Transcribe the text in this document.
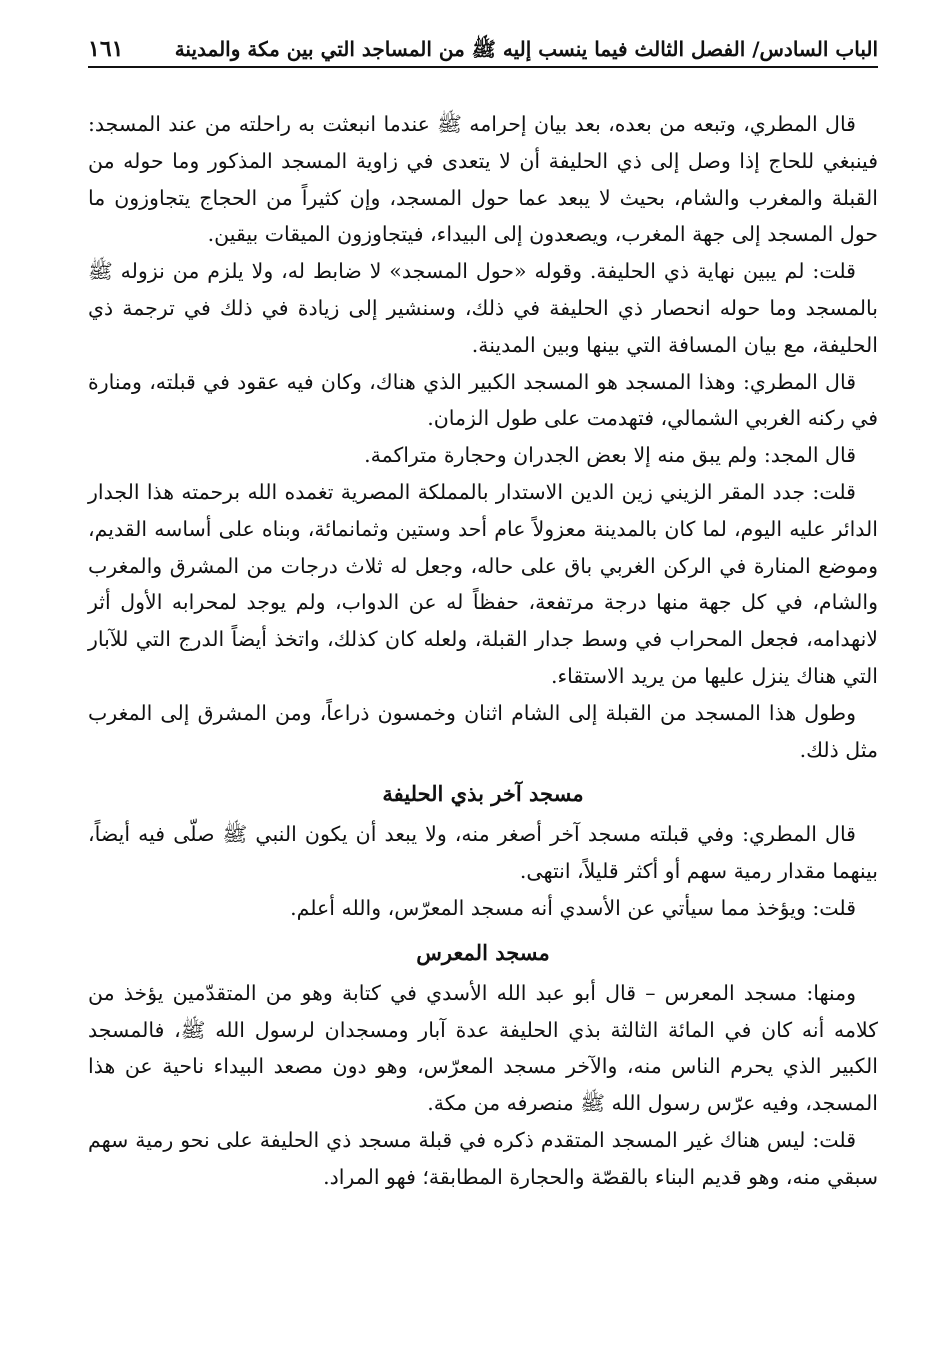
الباب السادس/ الفصل الثالث فيما ينسب إليه ﷺ من المساجد التي بين مكة والمدينة
١٦١

قال المطري، وتبعه من بعده، بعد بيان إحرامه ﷺ عندما انبعثت به راحلته من عند المسجد: فينبغي للحاج إذا وصل إلى ذي الحليفة أن لا يتعدى في زاوية المسجد المذكور وما حوله من القبلة والمغرب والشام، بحيث لا يبعد عما حول المسجد، وإن كثيراً من الحجاج يتجاوزون ما حول المسجد إلى جهة المغرب، ويصعدون إلى البيداء، فيتجاوزون الميقات بيقين.

قلت: لم يبين نهاية ذي الحليفة. وقوله «حول المسجد» لا ضابط له، ولا يلزم من نزوله ﷺ بالمسجد وما حوله انحصار ذي الحليفة في ذلك، وسنشير إلى زيادة في ذلك في ترجمة ذي الحليفة، مع بيان المسافة التي بينها وبين المدينة.

قال المطري: وهذا المسجد هو المسجد الكبير الذي هناك، وكان فيه عقود في قبلته، ومنارة في ركنه الغربي الشمالي، فتهدمت على طول الزمان.

قال المجد: ولم يبق منه إلا بعض الجدران وحجارة متراكمة.

قلت: جدد المقر الزيني زين الدين الاستدار بالمملكة المصرية تغمده الله برحمته هذا الجدار الدائر عليه اليوم، لما كان بالمدينة معزولاً عام أحد وستين وثمانمائة، وبناه على أساسه القديم، وموضع المنارة في الركن الغربي باق على حاله، وجعل له ثلاث درجات من المشرق والمغرب والشام، في كل جهة منها درجة مرتفعة، حفظاً له عن الدواب، ولم يوجد لمحرابه الأول أثر لانهدامه، فجعل المحراب في وسط جدار القبلة، ولعله كان كذلك، واتخذ أيضاً الدرج التي للآبار التي هناك ينزل عليها من يريد الاستقاء.

وطول هذا المسجد من القبلة إلى الشام اثنان وخمسون ذراعاً، ومن المشرق إلى المغرب مثل ذلك.

مسجد آخر بذي الحليفة

قال المطري: وفي قبلته مسجد آخر أصغر منه، ولا يبعد أن يكون النبي ﷺ صلّى فيه أيضاً، بينهما مقدار رمية سهم أو أكثر قليلاً، انتهى.

قلت: ويؤخذ مما سيأتي عن الأسدي أنه مسجد المعرّس، والله أعلم.

مسجد المعرس

ومنها: مسجد المعرس – قال أبو عبد الله الأسدي في كتابة وهو من المتقدّمين يؤخذ من كلامه أنه كان في المائة الثالثة بذي الحليفة عدة آبار ومسجدان لرسول الله ﷺ، فالمسجد الكبير الذي يحرم الناس منه، والآخر مسجد المعرّس، وهو دون مصعد البيداء ناحية عن هذا المسجد، وفيه عرّس رسول الله ﷺ منصرفه من مكة.

قلت: ليس هناك غير المسجد المتقدم ذكره في قبلة مسجد ذي الحليفة على نحو رمية سهم سبقي منه، وهو قديم البناء بالقصّة والحجارة المطابقة؛ فهو المراد.
